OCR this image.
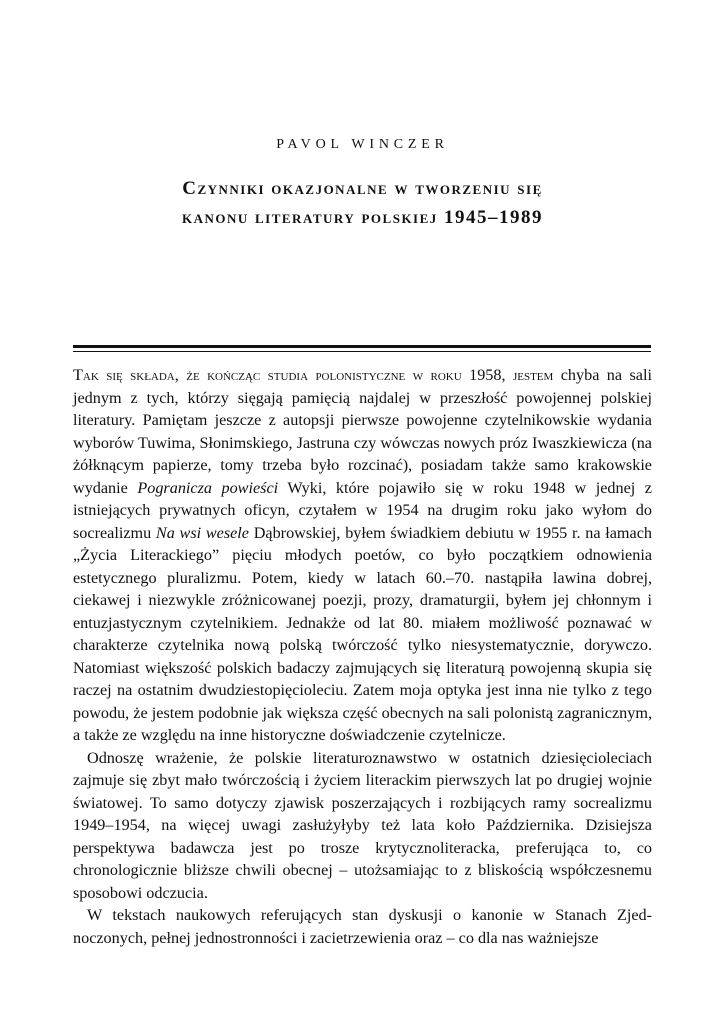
PAVOL WINCZER
Czynniki okazjonalne w tworzeniu się
kanonu literatury polskiej 1945–1989

Tak się składa, że kończąc studia polonistyczne w roku 1958, jestem chyba na sali jednym z tych, którzy sięgają pamięcią najdalej w przeszłość powojennej polskiej literatury. Pamiętam jeszcze z autopsji pierwsze powojenne czytelnikowskie wydania wyborów Tuwima, Słonimskiego, Jastruna czy wówczas nowych próz Iwaszkiewicza (na żółknącym papierze, tomy trzeba było rozcinać), posiadam także samo krakowskie wydanie Pogranicza powieści Wyki, które pojawiło się w roku 1948 w jednej z istniejących prywatnych oficyn, czytałem w 1954 na drugim roku jako wyłom do socrealizmu Na wsi wesele Dąbrowskiej, byłem świadkiem debiutu w 1955 r. na łamach „Życia Literackiego” pięciu młodych poetów, co było początkiem odnowienia estetycznego pluralizmu. Potem, kiedy w latach 60.–70. nastąpiła lawina dobrej, ciekawej i niezwykle zróżnicowanej poezji, prozy, dramaturgii, byłem jej chłonnym i entuzjastycznym czytelnikiem. Jednakże od lat 80. miałem możliwość poznawać w charakterze czytelnika nową polską twórczość tylko niesystematycznie, dorywczo. Natomiast większość polskich badaczy zajmujących się literaturą powojenną skupia się raczej na ostatnim dwudziestopięcioleciu. Zatem moja optyka jest inna nie tylko z tego powodu, że jestem podobnie jak większa część obecnych na sali polonistą zagranicznym, a także ze względu na inne historyczne doświadczenie czytelnicze.

Odnoszę wrażenie, że polskie literaturoznawstwo w ostatnich dziesięcioleciach zajmuje się zbyt mało twórczością i życiem literackim pierwszych lat po drugiej wojnie światowej. To samo dotyczy zjawisk poszerzających i rozbijących ramy socrealizmu 1949–1954, na więcej uwagi zasłużyłyby też lata koło Października. Dzisiejsza perspektywa badawcza jest po trosze krytycznoliteracka, preferująca to, co chronologicznie bliższe chwili obecnej – utożsamiając to z bliskością współczesnemu sposobowi odczucia.

W tekstach naukowych referujących stan dyskusji o kanonie w Stanach Zjednoczonych, pełnej jednostronności i zacietrzewienia oraz – co dla nas ważniejsze
